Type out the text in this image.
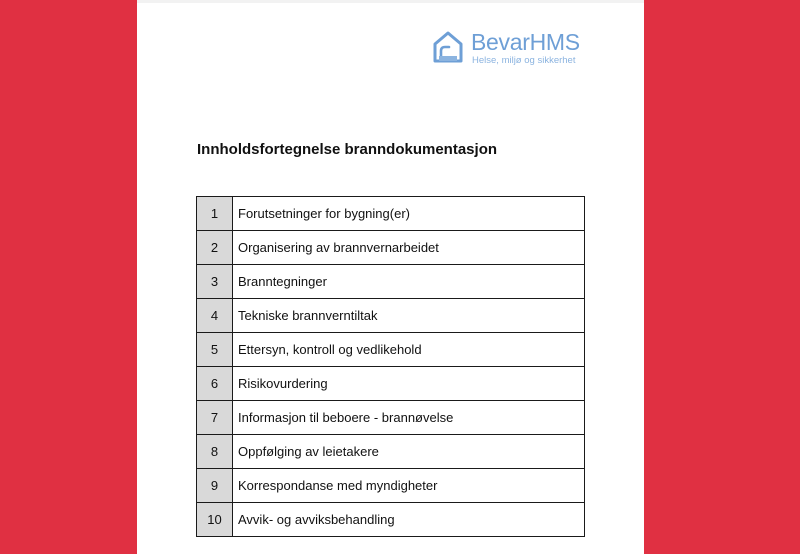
BevarHMS
Helse, miljø og sikkerhet
Innholdsfortegnelse branndokumentasjon
1	Forutsetninger for bygning(er)
2	Organisering av brannvernarbeidet
3	Branntegninger
4	Tekniske brannverntiltak
5	Ettersyn, kontroll og vedlikehold
6	Risikovurdering
7	Informasjon til beboere - brannøvelse
8	Oppfølging av leietakere
9	Korrespondanse med myndigheter
10	Avvik- og avviksbehandling
